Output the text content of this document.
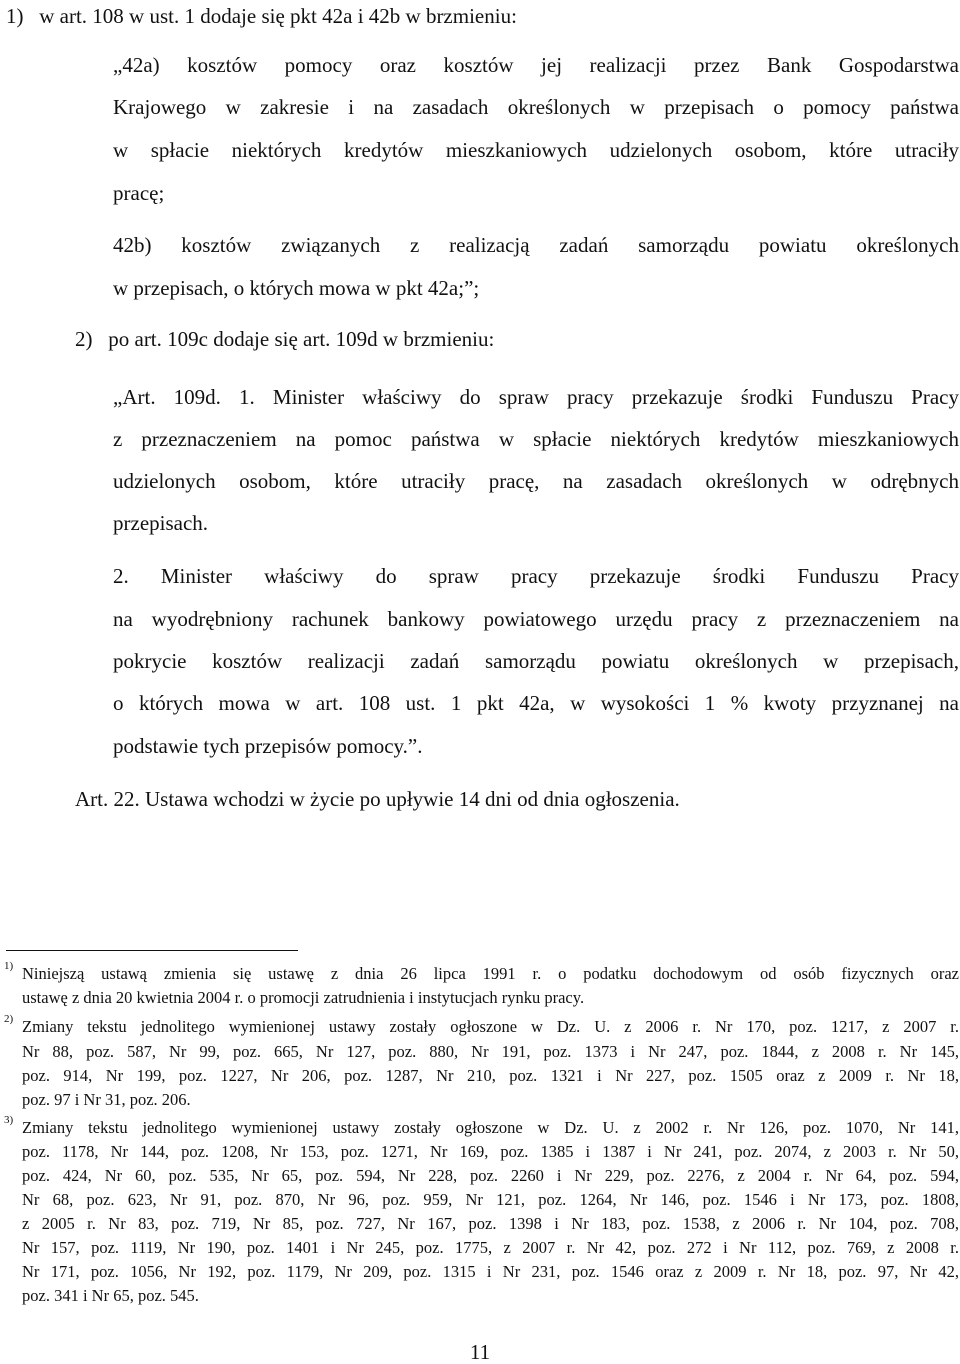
1)   w art. 108 w ust. 1 dodaje się pkt 42a i 42b w brzmieniu:
„42a) kosztów pomocy oraz kosztów jej realizacji przez Bank Gospodarstwa
Krajowego w zakresie i na zasadach określonych w przepisach o pomocy państwa
w spłacie niektórych kredytów mieszkaniowych udzielonych osobom, które utraciły
pracę;
42b) kosztów związanych z realizacją zadań samorządu powiatu określonych
w przepisach, o których mowa w pkt 42a;”;
2)   po art. 109c dodaje się art. 109d w brzmieniu:
„Art. 109d. 1. Minister właściwy do spraw pracy przekazuje środki Funduszu Pracy
z przeznaczeniem na pomoc państwa w spłacie niektórych kredytów mieszkaniowych
udzielonych osobom, które utraciły pracę, na zasadach określonych w odrębnych
przepisach.
2. Minister właściwy do spraw pracy przekazuje środki Funduszu Pracy
na wyodrębniony rachunek bankowy powiatowego urzędu pracy z przeznaczeniem na
pokrycie kosztów realizacji zadań samorządu powiatu określonych w przepisach,
o których mowa w art. 108 ust. 1 pkt 42a, w wysokości 1 % kwoty przyznanej na
podstawie tych przepisów pomocy.”.
Art. 22. Ustawa wchodzi w życie po upływie 14 dni od dnia ogłoszenia.
1) Niniejszą ustawą zmienia się ustawę z dnia 26 lipca 1991 r. o podatku dochodowym od osób fizycznych oraz
ustawę z dnia 20 kwietnia 2004 r. o promocji zatrudnienia i instytucjach rynku pracy.
2) Zmiany tekstu jednolitego wymienionej ustawy zostały ogłoszone w Dz. U. z 2006 r. Nr 170, poz. 1217, z 2007 r.
Nr 88, poz. 587, Nr 99, poz. 665, Nr 127, poz. 880, Nr 191, poz. 1373 i Nr 247, poz. 1844, z 2008 r. Nr 145,
poz. 914, Nr 199, poz. 1227, Nr 206, poz. 1287, Nr 210, poz. 1321 i Nr 227, poz. 1505 oraz z 2009 r. Nr 18,
poz. 97 i Nr 31, poz. 206.
3) Zmiany tekstu jednolitego wymienionej ustawy zostały ogłoszone w Dz. U. z 2002 r. Nr 126, poz. 1070, Nr 141,
poz. 1178, Nr 144, poz. 1208, Nr 153, poz. 1271, Nr 169, poz. 1385 i 1387 i Nr 241, poz. 2074, z 2003 r. Nr 50,
poz. 424, Nr 60, poz. 535, Nr 65, poz. 594, Nr 228, poz. 2260 i Nr 229, poz. 2276, z 2004 r. Nr 64, poz. 594,
Nr 68, poz. 623, Nr 91, poz. 870, Nr 96, poz. 959, Nr 121, poz. 1264, Nr 146, poz. 1546 i Nr 173, poz. 1808,
z 2005 r. Nr 83, poz. 719, Nr 85, poz. 727, Nr 167, poz. 1398 i Nr 183, poz. 1538, z 2006 r. Nr 104, poz. 708,
Nr 157, poz. 1119, Nr 190, poz. 1401 i Nr 245, poz. 1775, z 2007 r. Nr 42, poz. 272 i Nr 112, poz. 769, z 2008 r.
Nr 171, poz. 1056, Nr 192, poz. 1179, Nr 209, poz. 1315 i Nr 231, poz. 1546 oraz z 2009 r. Nr 18, poz. 97, Nr 42,
poz. 341 i Nr 65, poz. 545.
11
